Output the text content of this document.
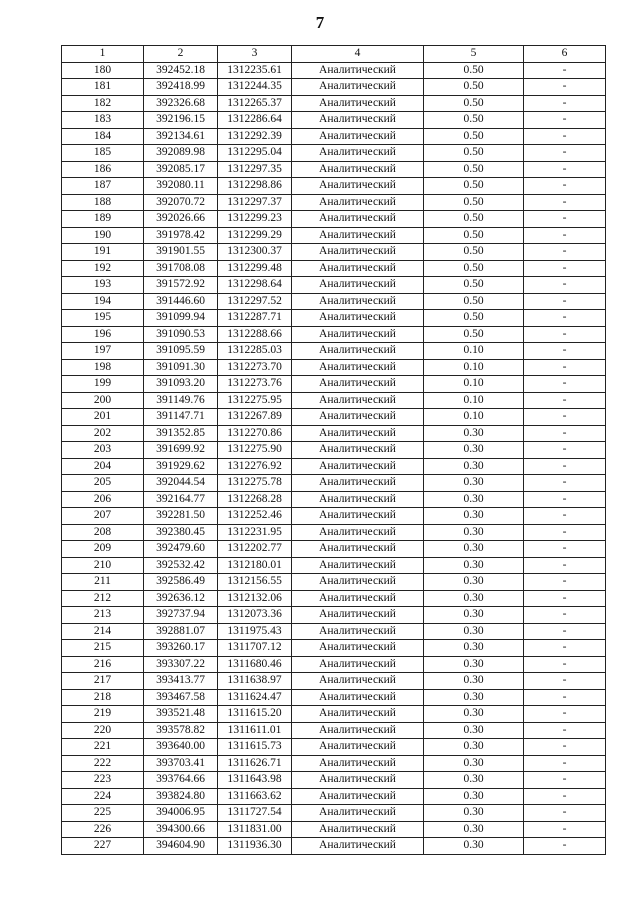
7
1	2	3	4	5	6
180	392452.18	1312235.61	Аналитический	0.50	-
181	392418.99	1312244.35	Аналитический	0.50	-
182	392326.68	1312265.37	Аналитический	0.50	-
183	392196.15	1312286.64	Аналитический	0.50	-
184	392134.61	1312292.39	Аналитический	0.50	-
185	392089.98	1312295.04	Аналитический	0.50	-
186	392085.17	1312297.35	Аналитический	0.50	-
187	392080.11	1312298.86	Аналитический	0.50	-
188	392070.72	1312297.37	Аналитический	0.50	-
189	392026.66	1312299.23	Аналитический	0.50	-
190	391978.42	1312299.29	Аналитический	0.50	-
191	391901.55	1312300.37	Аналитический	0.50	-
192	391708.08	1312299.48	Аналитический	0.50	-
193	391572.92	1312298.64	Аналитический	0.50	-
194	391446.60	1312297.52	Аналитический	0.50	-
195	391099.94	1312287.71	Аналитический	0.50	-
196	391090.53	1312288.66	Аналитический	0.50	-
197	391095.59	1312285.03	Аналитический	0.10	-
198	391091.30	1312273.70	Аналитический	0.10	-
199	391093.20	1312273.76	Аналитический	0.10	-
200	391149.76	1312275.95	Аналитический	0.10	-
201	391147.71	1312267.89	Аналитический	0.10	-
202	391352.85	1312270.86	Аналитический	0.30	-
203	391699.92	1312275.90	Аналитический	0.30	-
204	391929.62	1312276.92	Аналитический	0.30	-
205	392044.54	1312275.78	Аналитический	0.30	-
206	392164.77	1312268.28	Аналитический	0.30	-
207	392281.50	1312252.46	Аналитический	0.30	-
208	392380.45	1312231.95	Аналитический	0.30	-
209	392479.60	1312202.77	Аналитический	0.30	-
210	392532.42	1312180.01	Аналитический	0.30	-
211	392586.49	1312156.55	Аналитический	0.30	-
212	392636.12	1312132.06	Аналитический	0.30	-
213	392737.94	1312073.36	Аналитический	0.30	-
214	392881.07	1311975.43	Аналитический	0.30	-
215	393260.17	1311707.12	Аналитический	0.30	-
216	393307.22	1311680.46	Аналитический	0.30	-
217	393413.77	1311638.97	Аналитический	0.30	-
218	393467.58	1311624.47	Аналитический	0.30	-
219	393521.48	1311615.20	Аналитический	0.30	-
220	393578.82	1311611.01	Аналитический	0.30	-
221	393640.00	1311615.73	Аналитический	0.30	-
222	393703.41	1311626.71	Аналитический	0.30	-
223	393764.66	1311643.98	Аналитический	0.30	-
224	393824.80	1311663.62	Аналитический	0.30	-
225	394006.95	1311727.54	Аналитический	0.30	-
226	394300.66	1311831.00	Аналитический	0.30	-
227	394604.90	1311936.30	Аналитический	0.30	-
